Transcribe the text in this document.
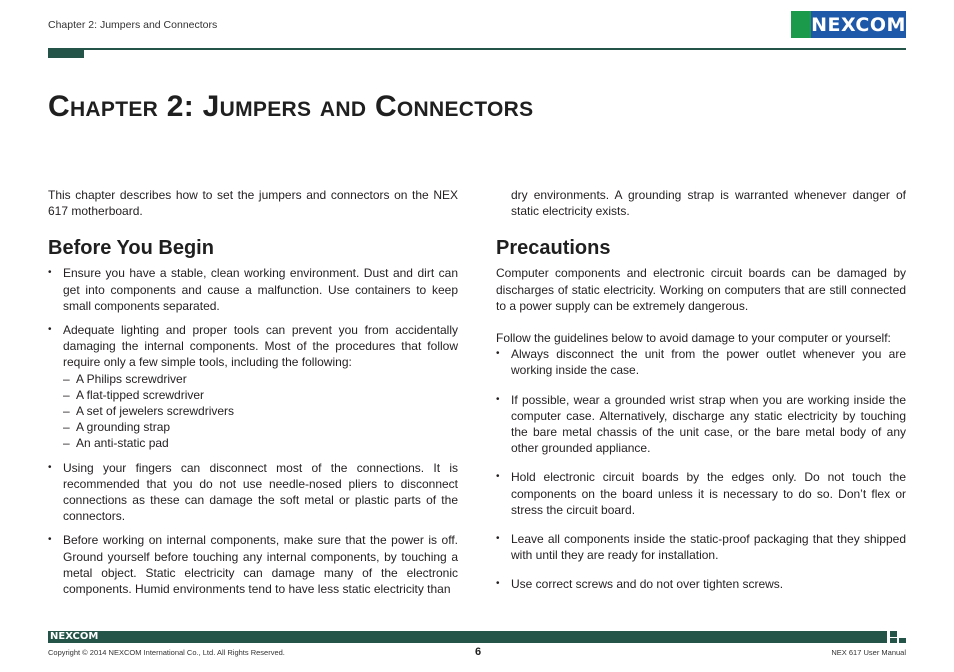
Chapter 2: Jumpers and Connectors	NEXCOM
Chapter 2: Jumpers and Connectors

This chapter describes how to set the jumpers and connectors on the NEX 617 motherboard.

Before You Begin
• Ensure you have a stable, clean working environment. Dust and dirt can get into components and cause a malfunction. Use containers to keep small components separated.
• Adequate lighting and proper tools can prevent you from accidentally damaging the internal components. Most of the procedures that follow require only a few simple tools, including the following:
– A Philips screwdriver
– A flat-tipped screwdriver
– A set of jewelers screwdrivers
– A grounding strap
– An anti-static pad
• Using your fingers can disconnect most of the connections. It is recommended that you do not use needle-nosed pliers to disconnect connections as these can damage the soft metal or plastic parts of the connectors.
• Before working on internal components, make sure that the power is off. Ground yourself before touching any internal components, by touching a metal object. Static electricity can damage many of the electronic components. Humid environments tend to have less static electricity than

dry environments. A grounding strap is warranted whenever danger of static electricity exists.

Precautions

Computer components and electronic circuit boards can be damaged by discharges of static electricity. Working on computers that are still connected to a power supply can be extremely dangerous.

Follow the guidelines below to avoid damage to your computer or yourself:

• Always disconnect the unit from the power outlet whenever you are working inside the case.
• If possible, wear a grounded wrist strap when you are working inside the computer case. Alternatively, discharge any static electricity by touching the bare metal chassis of the unit case, or the bare metal body of any other grounded appliance.
• Hold electronic circuit boards by the edges only. Do not touch the components on the board unless it is necessary to do so. Don’t flex or stress the circuit board.
• Leave all components inside the static-proof packaging that they shipped with until they are ready for installation.
• Use correct screws and do not over tighten screws.
NEXCOM
Copyright © 2014 NEXCOM International Co., Ltd. All Rights Reserved.	6	NEX 617 User Manual
